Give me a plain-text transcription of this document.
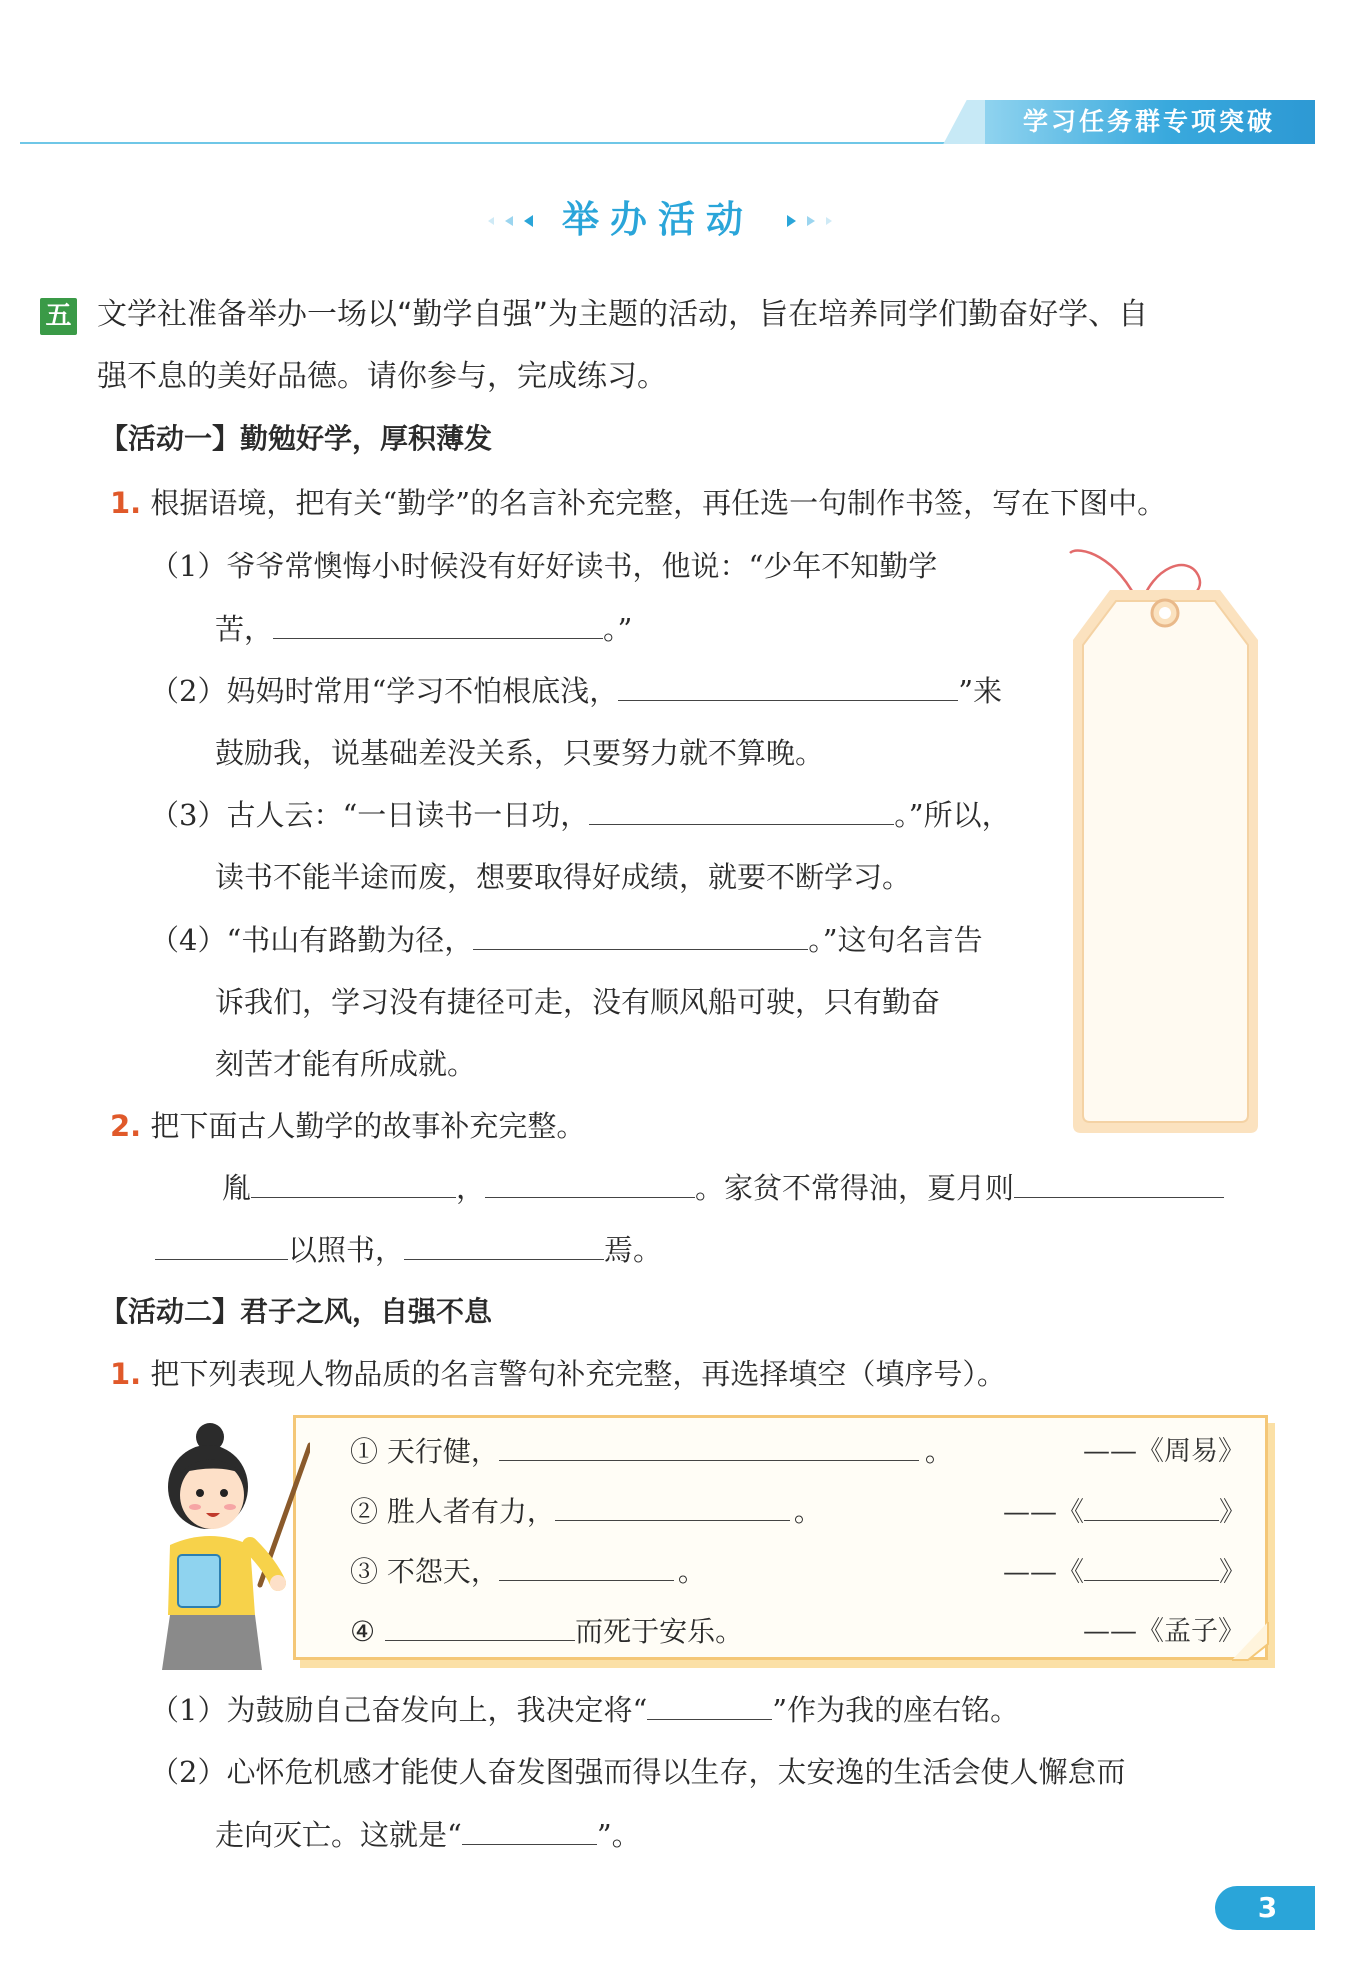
学习任务群专项突破
举办活动
五 文学社准备举办一场以“勤学自强”为主题的活动，旨在培养同学们勤奋好学、自
强不息的美好品德。请你参与，完成练习。
【活动一】勤勉好学，厚积薄发
1. 根据语境，把有关“勤学”的名言补充完整，再任选一句制作书签，写在下图中。
（1）爷爷常懊悔小时候没有好好读书，他说：“少年不知勤学
苦，	。”
（2）妈妈时常用“学习不怕根底浅，	”来
鼓励我，说基础差没关系，只要努力就不算晚。
（3）古人云：“一日读书一日功，	。”所以，
读书不能半途而废，想要取得好成绩，就要不断学习。
（4）“书山有路勤为径，	。”这句名言告
诉我们，学习没有捷径可走，没有顺风船可驶，只有勤奋
刻苦才能有所成就。
2. 把下面古人勤学的故事补充完整。
胤	，	。家贫不常得油，夏月则
以照书，	焉。
【活动二】君子之风，自强不息
1. 把下列表现人物品质的名言警句补充完整，再选择填空（填序号）。
① 天行健，	。	——《周易》
② 胜人者有力，	。	——《	》
③ 不怨天，	。	——《	》
④	而死于安乐。	——《孟子》
（1）为鼓励自己奋发向上，我决定将“	”作为我的座右铭。
（2）心怀危机感才能使人奋发图强而得以生存，太安逸的生活会使人懈怠而
走向灭亡。这就是“	”。
3
